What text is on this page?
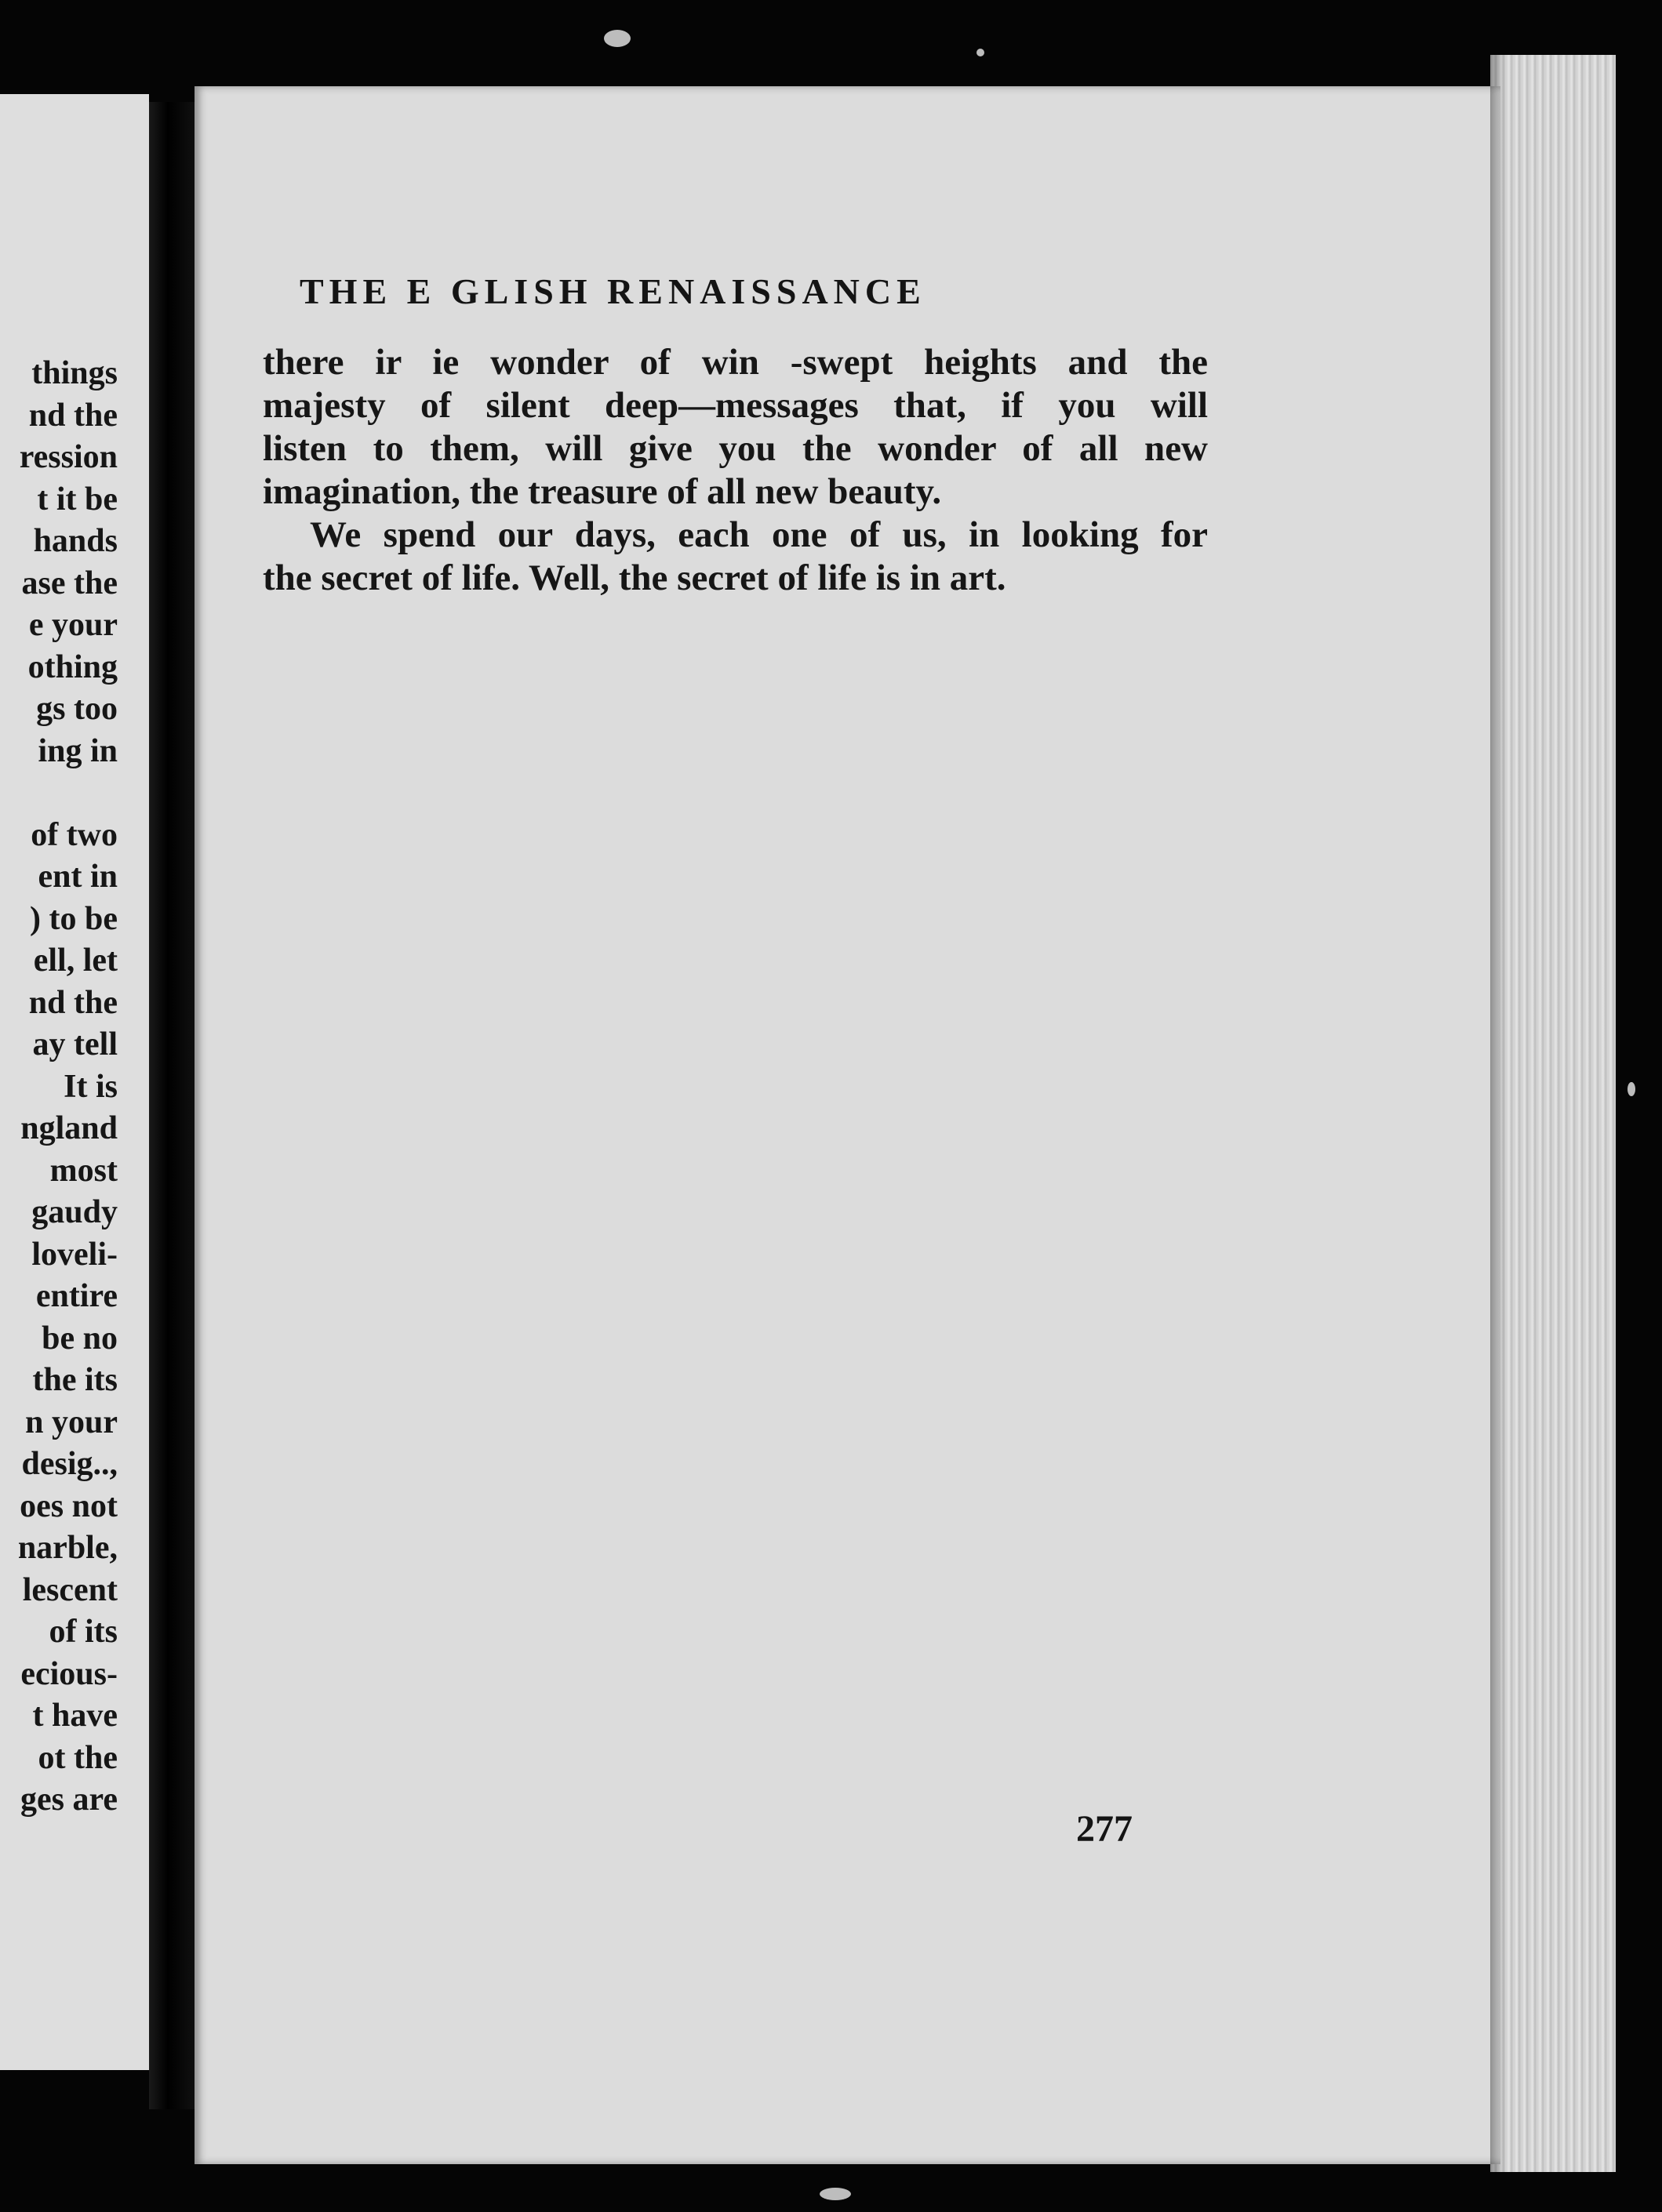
things
nd the
ression
t it be
hands
ase the
e your
othing
gs too
ing in
of two
ent in
) to be
ell, let
nd the
ay tell
It is
ngland
most
gaudy
loveli-
entire
be no
the its
n your
desig..,
oes not
narble,
lescent
of its
ecious-
t have
ot the
ges are
THE E GLISH RENAISSANCE
there ir ie wonder of win -swept heights and the
majesty of silent deep—messages that, if you will
listen to them, will give you the wonder of all new
imagination, the treasure of all new beauty.
We spend our days, each one of us, in looking for
the secret of life. Well, the secret of life is in art.
277
